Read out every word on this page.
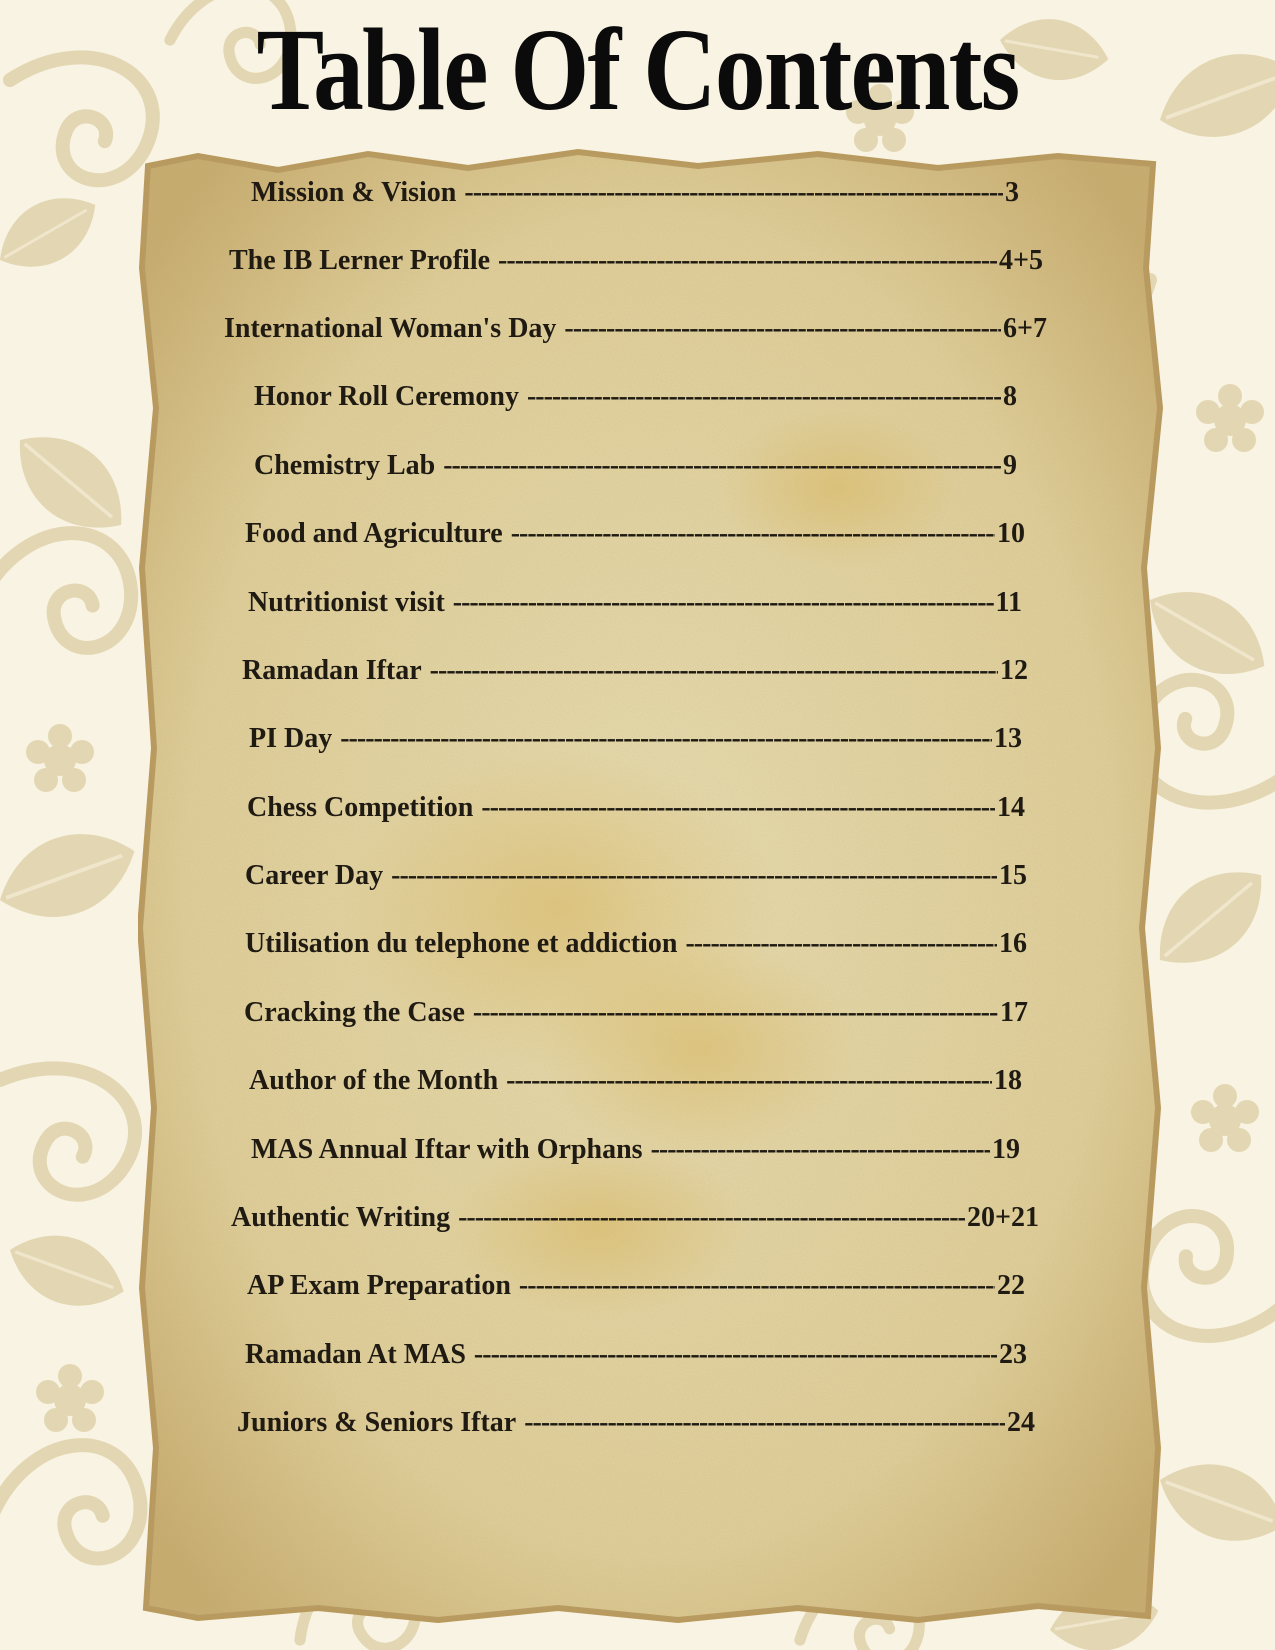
Table Of Contents
Mission & Vision -----	3
The IB Lerner Profile -----	4+5
International Woman's Day -----	6+7
Honor Roll Ceremony -----	8
Chemistry Lab -----	9
Food and Agriculture -----	10
Nutritionist visit -----	11
Ramadan Iftar -----	12
PI Day -----	13
Chess Competition -----	14
Career Day -----	15
Utilisation du telephone et addiction -----	16
Cracking the Case -----	17
Author of the Month -----	18
MAS Annual Iftar with Orphans -----	19
Authentic Writing -----	20+21
AP Exam Preparation -----	22
Ramadan At MAS -----	23
Juniors & Seniors Iftar -----	24
